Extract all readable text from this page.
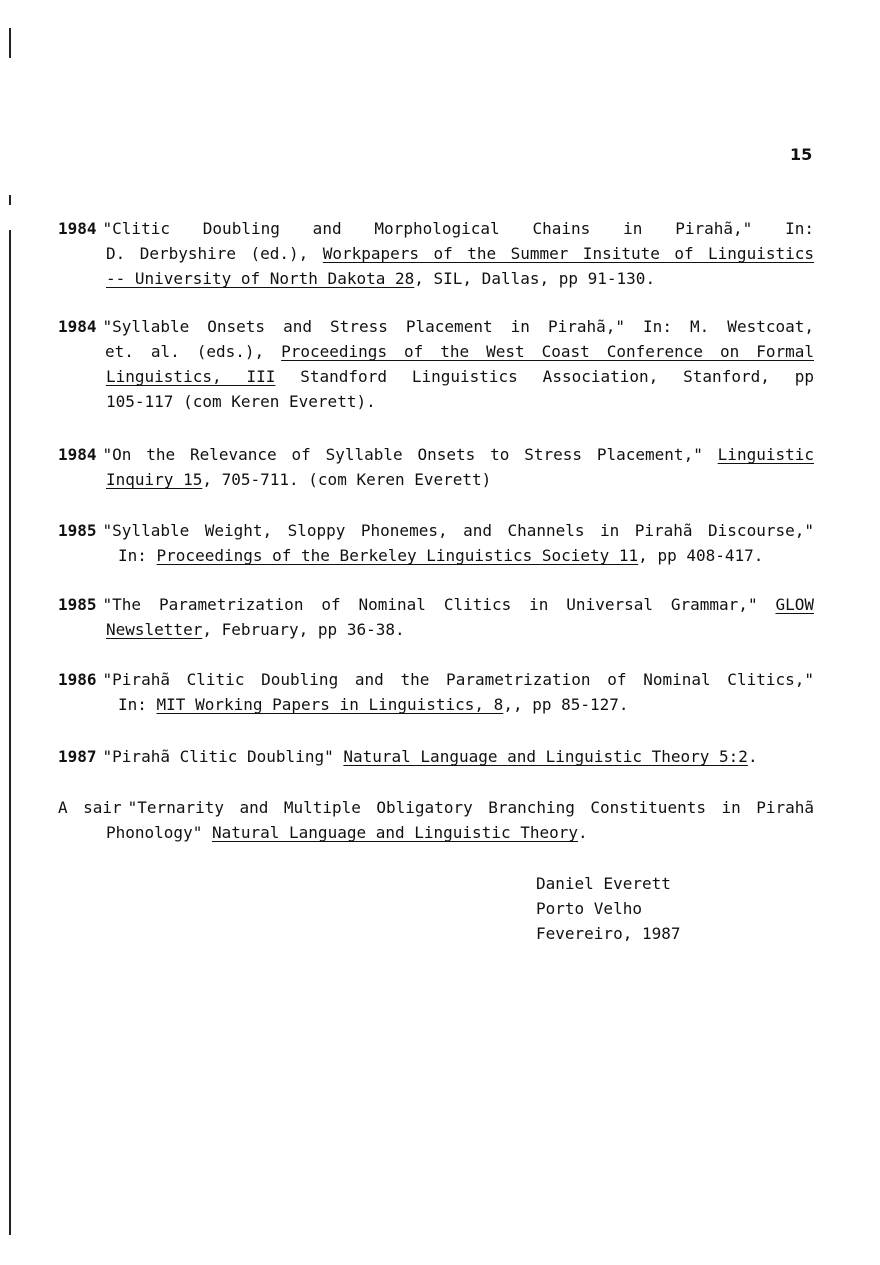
15
1984 "Clitic Doubling and Morphological Chains in Pirahã," In:
D. Derbyshire (ed.), Workpapers of the Summer Insitute of Linguistics
-- University of North Dakota 28, SIL, Dallas, pp 91-130.
1984 "Syllable Onsets and Stress Placement in Pirahã," In: M. Westcoat,
et. al. (eds.), Proceedings of the West Coast Conference on Formal
Linguistics, III Standford Linguistics Association, Stanford, pp
105-117 (com Keren Everett).
1984 "On the Relevance of Syllable Onsets to Stress Placement," Linguistic
Inquiry 15, 705-711. (com Keren Everett)
1985 "Syllable Weight, Sloppy Phonemes, and Channels in Pirahã Discourse,"
In: Proceedings of the Berkeley Linguistics Society 11, pp 408-417.
1985 "The Parametrization of Nominal Clitics in Universal Grammar," GLOW
Newsletter, February, pp 36-38.
1986 "Pirahã Clitic Doubling and the Parametrization of Nominal Clitics,"
In: MIT Working Papers in Linguistics, 8,, pp 85-127.
1987 "Pirahã Clitic Doubling" Natural Language and Linguistic Theory 5:2.
A sair "Ternarity and Multiple Obligatory Branching Constituents in Pirahã
Phonology" Natural Language and Linguistic Theory.
Daniel Everett
Porto Velho
Fevereiro, 1987
